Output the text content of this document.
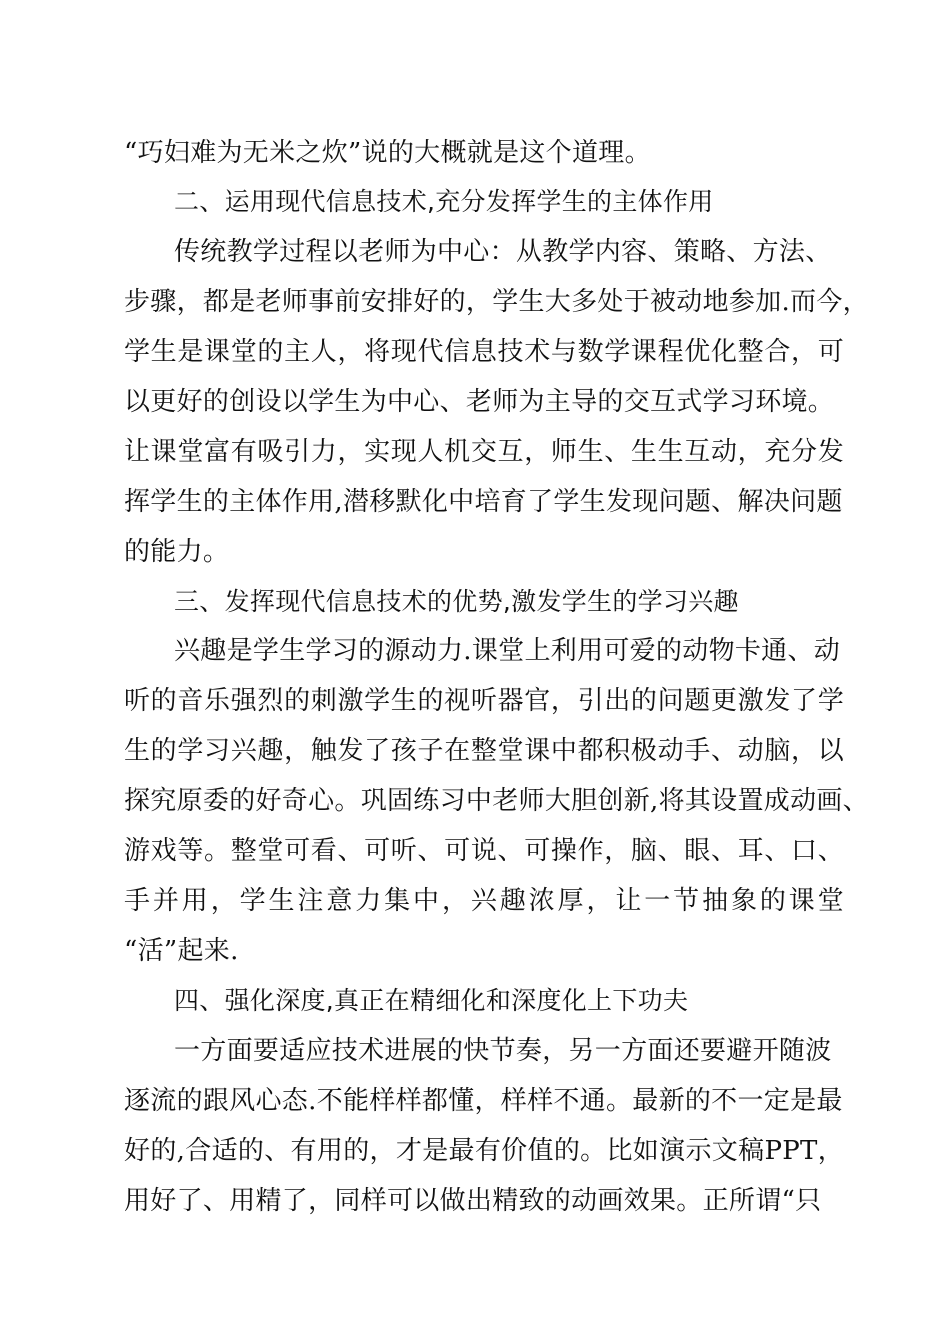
“巧妇难为无米之炊”说的大概就是这个道理。
二、运用现代信息技术,充分发挥学生的主体作用
传统教学过程以老师为中心：从教学内容、策略、方法、
步骤，都是老师事前安排好的，学生大多处于被动地参加.而今，
学生是课堂的主人，将现代信息技术与数学课程优化整合，可
以更好的创设以学生为中心、老师为主导的交互式学习环境。
让课堂富有吸引力，实现人机交互，师生、生生互动，充分发
挥学生的主体作用,潜移默化中培育了学生发现问题、解决问题
的能力。
三、发挥现代信息技术的优势,激发学生的学习兴趣
兴趣是学生学习的源动力.课堂上利用可爱的动物卡通、动
听的音乐强烈的刺激学生的视听器官，引出的问题更激发了学
生的学习兴趣，触发了孩子在整堂课中都积极动手、动脑，以
探究原委的好奇心。巩固练习中老师大胆创新,将其设置成动画、
游戏等。整堂可看、可听、可说、可操作，脑、眼、耳、口、
手并用，学生注意力集中，兴趣浓厚，让一节抽象的课堂
“活”起来.
四、强化深度,真正在精细化和深度化上下功夫
一方面要适应技术进展的快节奏，另一方面还要避开随波
逐流的跟风心态.不能样样都懂，样样不通。最新的不一定是最
好的,合适的、有用的，才是最有价值的。比如演示文稿PPT，
用好了、用精了，同样可以做出精致的动画效果。正所谓“只
